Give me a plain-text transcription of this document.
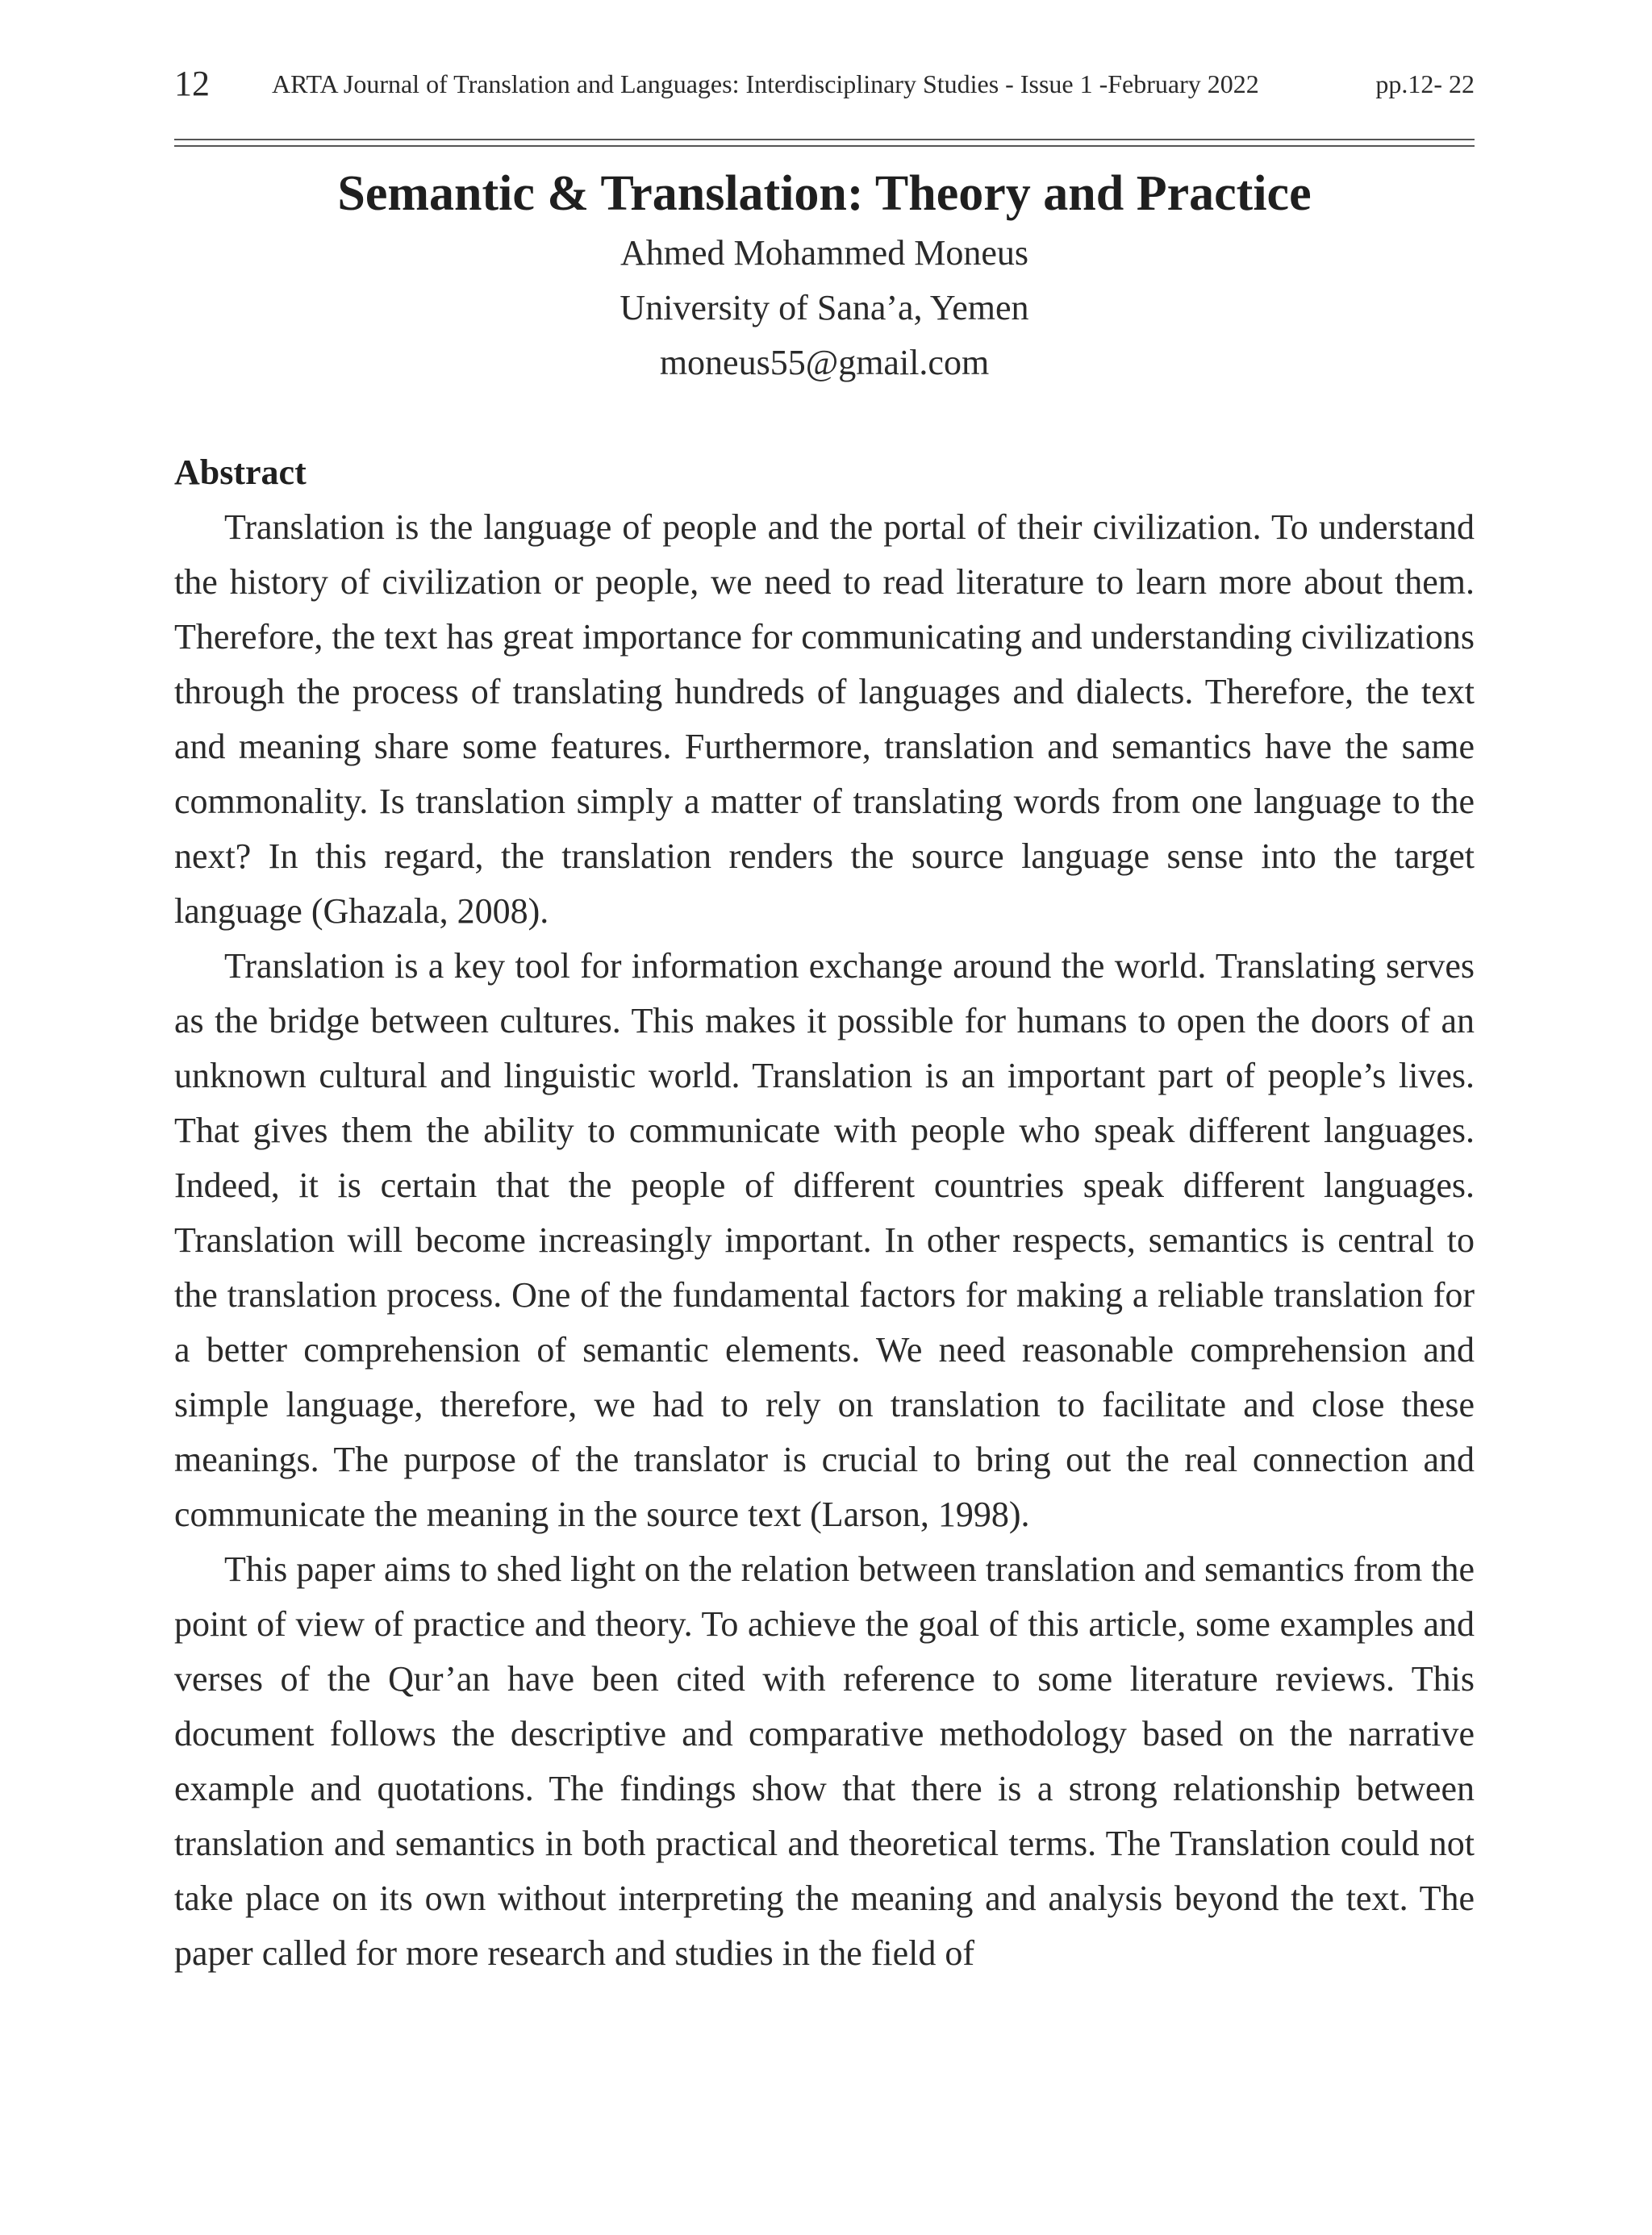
12 ARTA Journal of Translation and Languages: Interdisciplinary Studies - Issue 1 -February 2022	pp.12- 22
Semantic & Translation: Theory and Practice
Ahmed Mohammed Moneus
University of Sana’a, Yemen
moneus55@gmail.com
Abstract

Translation is the language of people and the portal of their civilization. To understand the history of civilization or people, we need to read literature to learn more about them. Therefore, the text has great importance for communicating and understanding civilizations through the process of translating hundreds of languages and dialects. Therefore, the text and meaning share some features. Furthermore, translation and semantics have the same commonality. Is translation simply a matter of translating words from one language to the next? In this regard, the translation renders the source language sense into the target language (Ghazala, 2008).

Translation is a key tool for information exchange around the world. Translating serves as the bridge between cultures. This makes it possible for humans to open the doors of an unknown cultural and linguistic world. Translation is an important part of people’s lives. That gives them the ability to communicate with people who speak different languages. Indeed, it is certain that the people of different countries speak different languages. Translation will become increasingly important. In other respects, semantics is central to the translation process. One of the fundamental factors for making a reliable translation for a better comprehension of semantic elements. We need reasonable comprehension and simple language, therefore, we had to rely on translation to facilitate and close these meanings. The purpose of the translator is crucial to bring out the real connection and communicate the meaning in the source text (Larson, 1998).

This paper aims to shed light on the relation between translation and semantics from the point of view of practice and theory. To achieve the goal of this article, some examples and verses of the Qur’an have been cited with reference to some literature reviews. This document follows the descriptive and comparative methodology based on the narrative example and quotations. The findings show that there is a strong relationship between translation and semantics in both practical and theoretical terms. The Translation could not take place on its own without interpreting the meaning and analysis beyond the text. The paper called for more research and studies in the field of
